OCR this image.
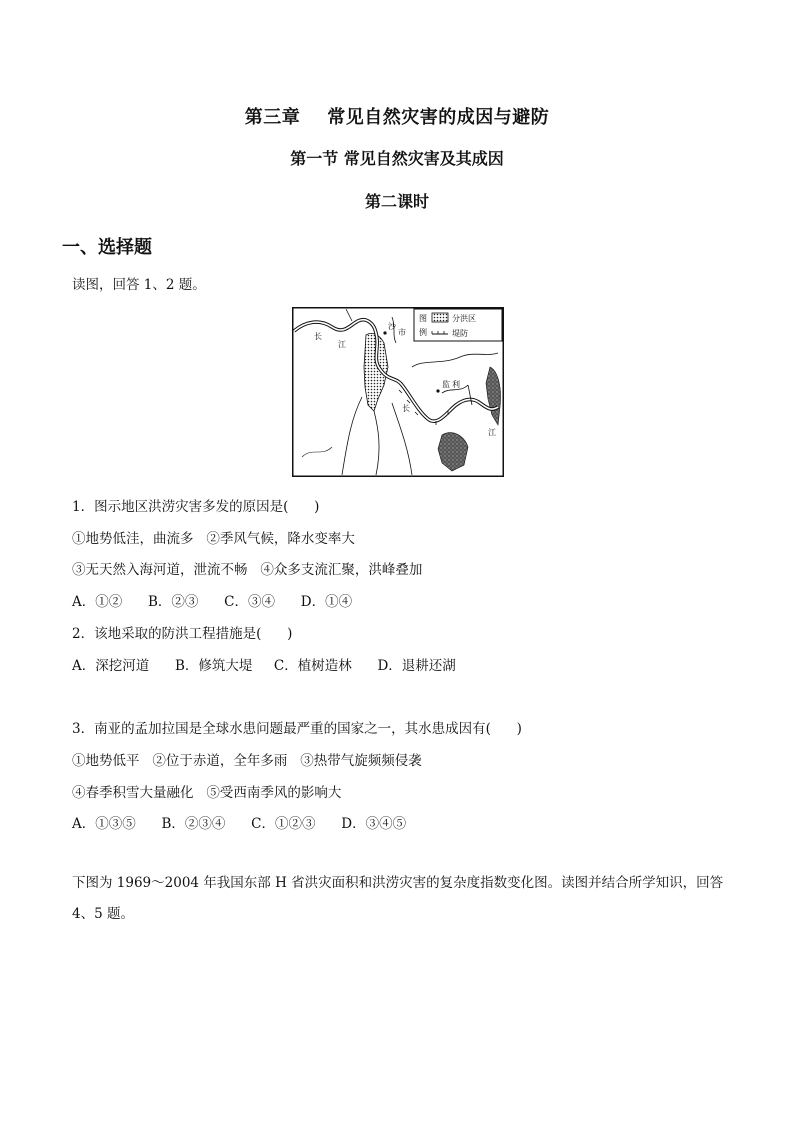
第三章    常见自然灾害的成因与避防
第一节 常见自然灾害及其成因
第二课时
一、选择题
读图，回答 1、2 题。
图
例
分洪区
堤防
长
江
沙
市
监 利
长
江
1．图示地区洪涝灾害多发的原因是(      )
①地势低洼，曲流多   ②季风气候，降水变率大
③无天然入海河道，泄流不畅   ④众多支流汇聚，洪峰叠加
A．①②      B．②③      C．③④      D．①④
2．该地采取的防洪工程措施是(      )
A．深挖河道      B．修筑大堤     C．植树造林      D．退耕还湖
3．南亚的孟加拉国是全球水患问题最严重的国家之一，其水患成因有(      )
①地势低平   ②位于赤道，全年多雨   ③热带气旋频频侵袭
④春季积雪大量融化   ⑤受西南季风的影响大
A．①③⑤      B．②③④      C．①②③      D．③④⑤
下图为 1969～2004 年我国东部 H 省洪灾面积和洪涝灾害的复杂度指数变化图。读图并结合所学知识，回答 4、5 题。
